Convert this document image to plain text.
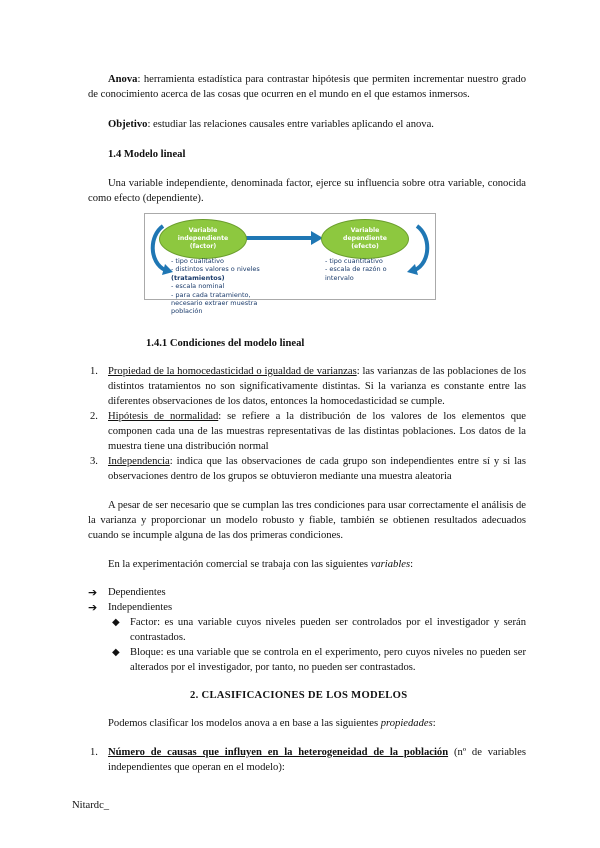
Anova: herramienta estadística para contrastar hipótesis que permiten incrementar nuestro grado de conocimiento acerca de las cosas que ocurren en el mundo en el que estamos inmersos.
Objetivo: estudiar las relaciones causales entre variables aplicando el anova.
1.4 Modelo lineal
Una variable independiente, denominada factor, ejerce su influencia sobre otra variable, conocida como efecto (dependiente).
Variable
independiente
(factor)
Variable
dependiente
(efecto)
- tipo cualitativo
- distintos valores o niveles
(tratamientos)
- escala nominal
- para cada tratamiento,
necesario extraer muestra
población
- tipo cuantitativo
- escala de razón o
intervalo
1.4.1 Condiciones del modelo lineal
1. Propiedad de la homocedasticidad o igualdad de varianzas: las varianzas de las poblaciones de los distintos tratamientos no son significativamente distintas. Si la varianza es constante entre las diferentes observaciones de los datos, entonces la homocedasticidad se cumple.
2. Hipótesis de normalidad: se refiere a la distribución de los valores de los elementos que componen cada una de las muestras representativas de las distintas poblaciones. Los datos de la muestra tiene una distribución normal
3. Independencia: indica que las observaciones de cada grupo son independientes entre sí y si las observaciones dentro de los grupos se obtuvieron mediante una muestra aleatoria
A pesar de ser necesario que se cumplan las tres condiciones para usar correctamente el análisis de la varianza y proporcionar un modelo robusto y fiable, también se obtienen resultados adecuados cuando se incumple alguna de las dos primeras condiciones.
En la experimentación comercial se trabaja con las siguientes variables:
➔ Dependientes
➔ Independientes
◆ Factor: es una variable cuyos niveles pueden ser controlados por el investigador y serán contrastados.
◆ Bloque: es una variable que se controla en el experimento, pero cuyos niveles no pueden ser alterados por el investigador, por tanto, no pueden ser contrastados.
2. CLASIFICACIONES DE LOS MODELOS
Podemos clasificar los modelos anova a en base a las siguientes propiedades:
1. Número de causas que influyen en la heterogeneidad de la población (nº de variables independientes que operan en el modelo):
Nitardc_
